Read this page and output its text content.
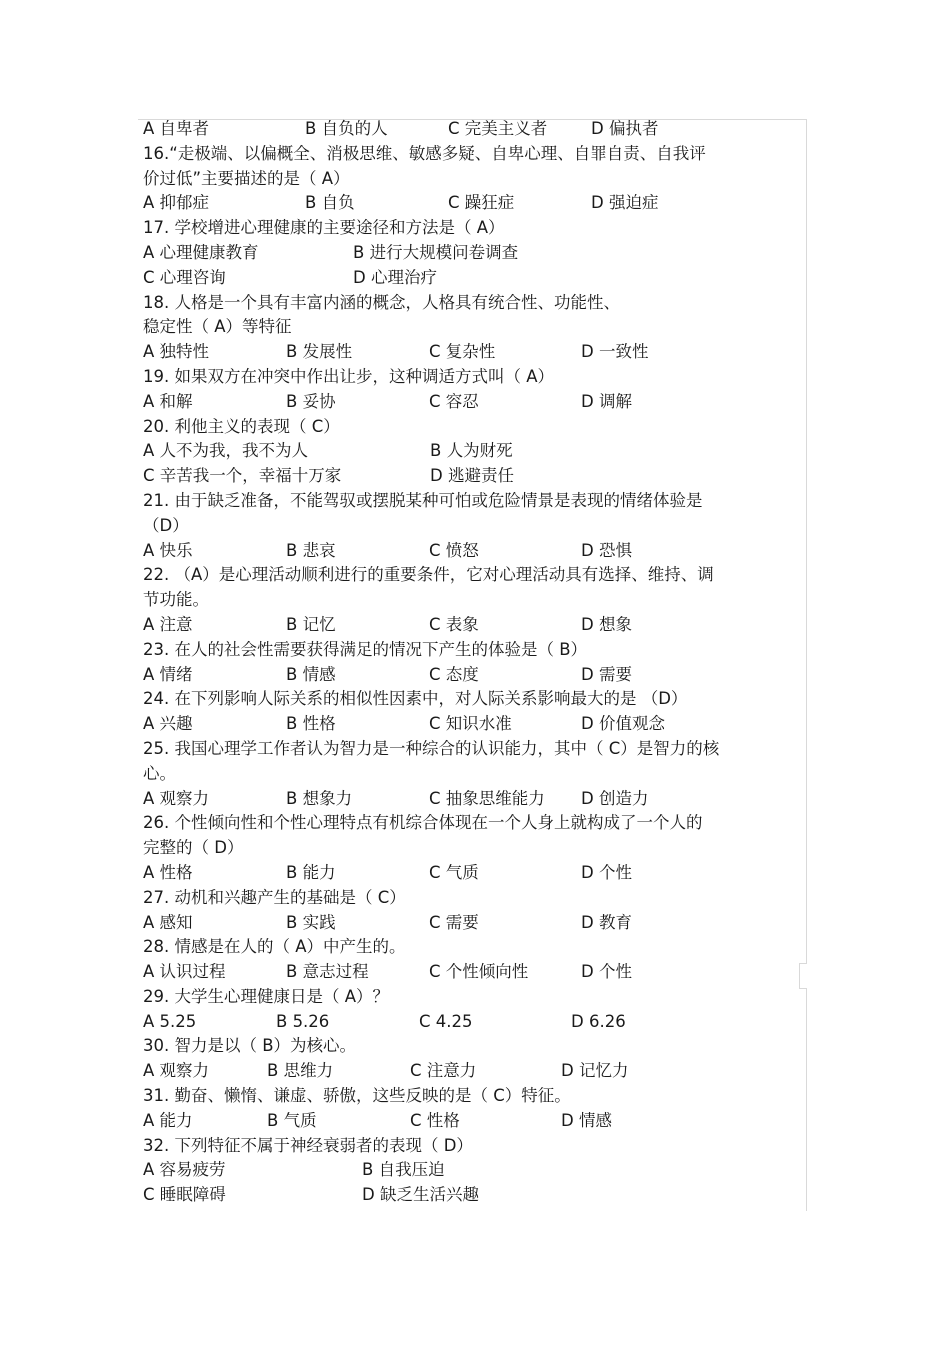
A 自卑者	B 自负的人	C 完美主义者	D 偏执者
16.“走极端、以偏概全、消极思维、敏感多疑、自卑心理、自罪自责、自我评
价过低”主要描述的是（ A）
A 抑郁症	B 自负	C 躁狂症	D 强迫症
17. 学校增进心理健康的主要途径和方法是（ A）
A 心理健康教育	B 进行大规模问卷调查
C 心理咨询	D 心理治疗
18. 人格是一个具有丰富内涵的概念，人格具有统合性、功能性、
稳定性（ A）等特征
A 独特性	B 发展性	C 复杂性	D 一致性
19. 如果双方在冲突中作出让步，这种调适方式叫（ A）
A 和解	B 妥协	C 容忍	D 调解
20. 利他主义的表现（ C）
A 人不为我，我不为人	B 人为财死
C 辛苦我一个，幸福十万家	D 逃避责任
21. 由于缺乏准备，不能驾驭或摆脱某种可怕或危险情景是表现的情绪体验是
（D）
A 快乐	B 悲哀	C 愤怒	D 恐惧
22. （A）是心理活动顺利进行的重要条件，它对心理活动具有选择、维持、调
节功能。
A 注意	B 记忆	C 表象	D 想象
23. 在人的社会性需要获得满足的情况下产生的体验是（ B）
A 情绪	B 情感	C 态度	D 需要
24. 在下列影响人际关系的相似性因素中，对人际关系影响最大的是 （D）
A 兴趣	B 性格	C 知识水准	D 价值观念
25. 我国心理学工作者认为智力是一种综合的认识能力，其中（ C）是智力的核
心。
A 观察力	B 想象力	C 抽象思维能力 D 创造力
26. 个性倾向性和个性心理特点有机综合体现在一个人身上就构成了一个人的
完整的（ D）
A 性格	B 能力	C 气质	D 个性
27. 动机和兴趣产生的基础是（ C）
A 感知	B 实践	C 需要	D 教育
28. 情感是在人的（ A）中产生的。
A 认识过程	B 意志过程	C 个性倾向性	D 个性
29. 大学生心理健康日是（ A）？
A 5.25	B 5.26	C 4.25	D 6.26
30. 智力是以（ B）为核心。
A 观察力	B 思维力	C 注意力	D 记忆力
31. 勤奋、懒惰、谦虚、骄傲，这些反映的是（ C）特征。
A 能力	B 气质	C 性格	D 情感
32. 下列特征不属于神经衰弱者的表现（ D）
A 容易疲劳	B 自我压迫
C 睡眠障碍	D 缺乏生活兴趣
